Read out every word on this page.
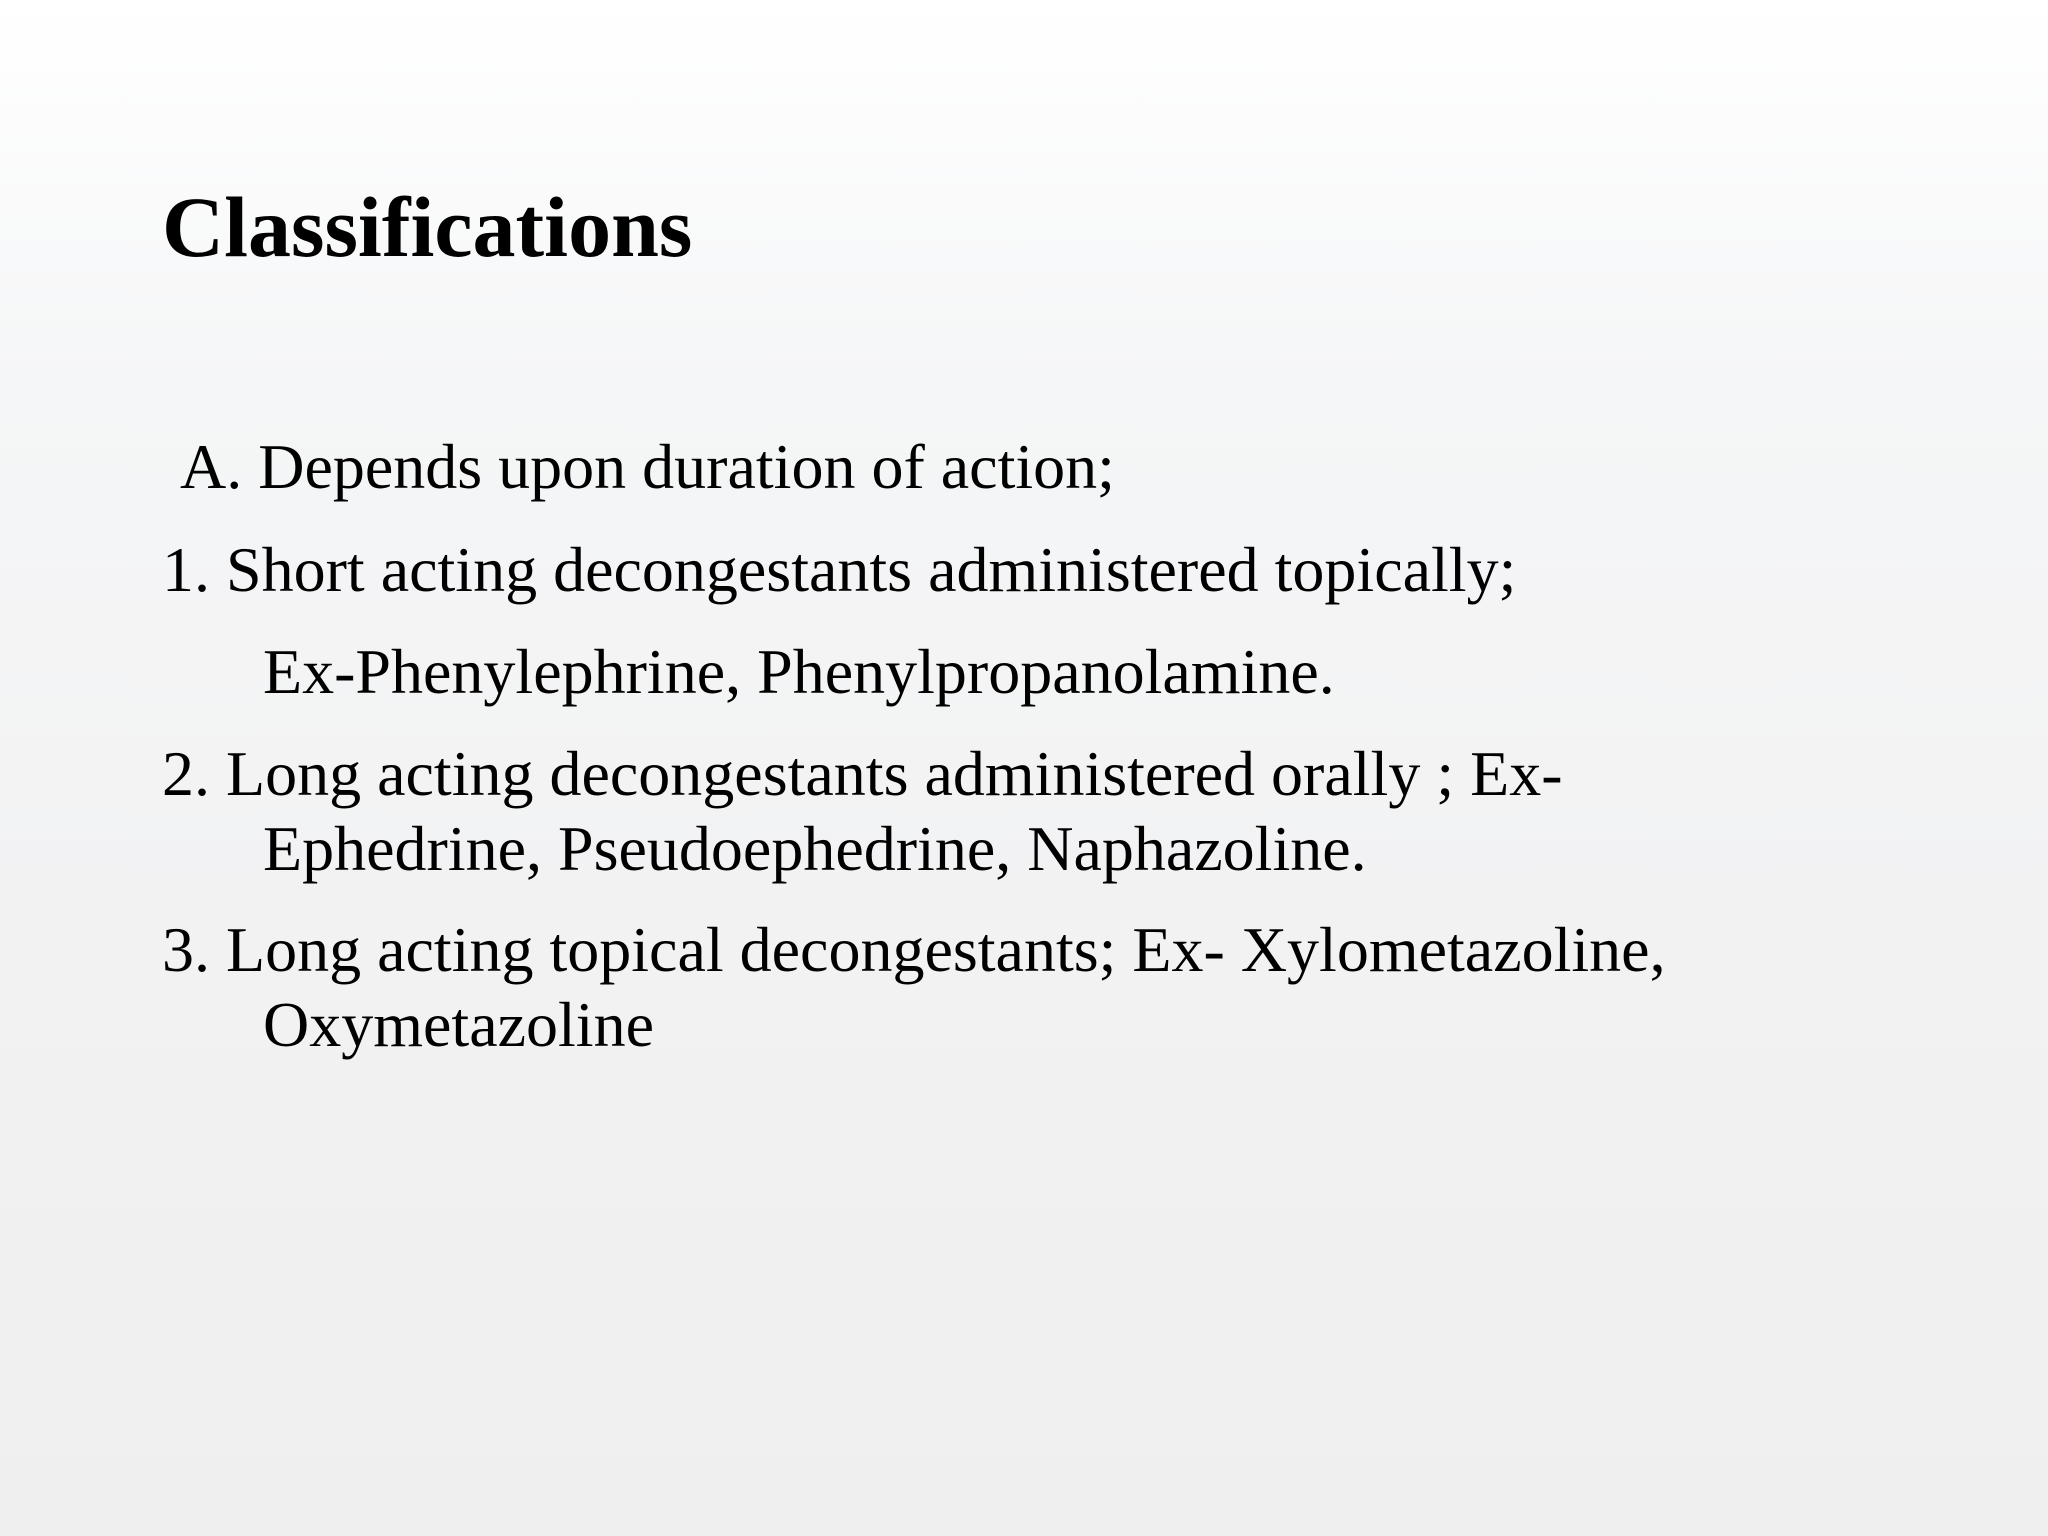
Classifications

A. Depends upon duration of action;

1. Short acting decongestants administered topically;

Ex-Phenylephrine, Phenylpropanolamine.

2. Long acting decongestants administered orally ; Ex-

Ephedrine, Pseudoephedrine, Naphazoline.

3. Long acting topical decongestants; Ex- Xylometazoline,

Oxymetazoline
